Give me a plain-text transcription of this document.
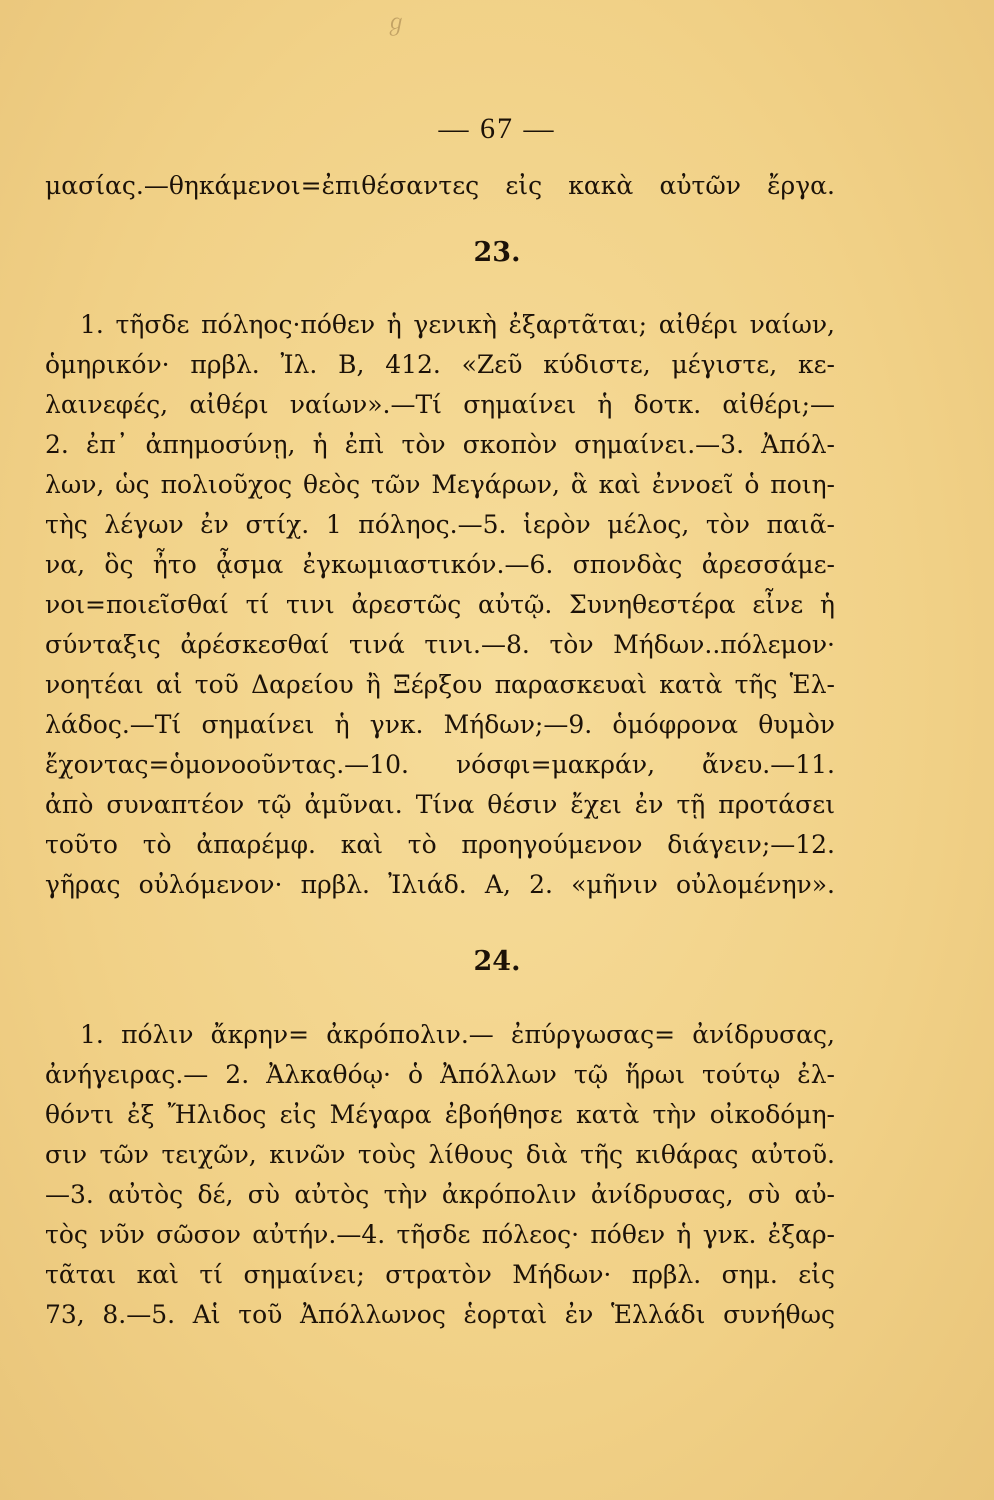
ℊ
— 67 —
μασίας.—θηκάμενοι=ἐπιθέσαντες εἰς κακὰ αὐτῶν ἔργα.
23.
1. τῆσδε πόληος·πόθεν ἡ γενικὴ ἐξαρτᾶται; αἰθέρι ναίων,
ὁμηρικόν· πρβλ. Ἰλ. Β, 412. «Ζεῦ κύδιστε, μέγιστε, κε-
λαινεφές, αἰθέρι ναίων».—Τί σημαίνει ἡ δοτκ. αἰθέρι;—
2. ἐπ᾿ ἀπημοσύνῃ, ἡ ἐπὶ τὸν σκοπὸν σημαίνει.—3. Ἀπόλ-
λων, ὡς πολιοῦχος θεὸς τῶν Μεγάρων, ἃ καὶ ἐννοεῖ ὁ ποιη-
τὴς λέγων ἐν στίχ. 1 πόληος.—5. ἱερὸν μέλος, τὸν παιᾶ-
να, ὃς ἦτο ᾆσμα ἐγκωμιαστικόν.—6. σπονδὰς ἀρεσσάμε-
νοι=ποιεῖσθαί τί τινι ἀρεστῶς αὐτῷ. Συνηθεστέρα εἶνε ἡ
σύνταξις ἀρέσκεσθαί τινά τινι.—8. τὸν Μήδων..πόλεμον·
νοητέαι αἱ τοῦ Δαρείου ἢ Ξέρξου παρασκευαὶ κατὰ τῆς Ἑλ-
λάδος.—Τί σημαίνει ἡ γνκ. Μήδων;—9. ὁμόφρονα θυμὸν
ἔχοντας=ὁμονοοῦντας.—10. νόσφι=μακράν, ἄνευ.—11.
ἀπὸ συναπτέον τῷ ἀμῦναι. Τίνα θέσιν ἔχει ἐν τῇ προτάσει
τοῦτο τὸ ἀπαρέμφ. καὶ τὸ προηγούμενον διάγειν;—12.
γῆρας οὐλόμενον· πρβλ. Ἰλιάδ. Α, 2. «μῆνιν οὐλομένην».
24.
1. πόλιν ἄκρην= ἀκρόπολιν.— ἐπύργωσας= ἀνίδρυσας,
ἀνήγειρας.— 2. Ἀλκαθόῳ· ὁ Ἀπόλλων τῷ ἥρωι τούτῳ ἐλ-
θόντι ἐξ Ἤλιδος εἰς Μέγαρα ἐβοήθησε κατὰ τὴν οἰκοδόμη-
σιν τῶν τειχῶν, κινῶν τοὺς λίθους διὰ τῆς κιθάρας αὐτοῦ.
—3. αὐτὸς δέ, σὺ αὐτὸς τὴν ἀκρόπολιν ἀνίδρυσας, σὺ αὐ-
τὸς νῦν σῶσον αὐτήν.—4. τῆσδε πόλεος· πόθεν ἡ γνκ. ἐξαρ-
τᾶται καὶ τί σημαίνει; στρατὸν Μήδων· πρβλ. σημ. εἰς
73, 8.—5. Αἱ τοῦ Ἀπόλλωνος ἑορταὶ ἐν Ἑλλάδι συνήθως
